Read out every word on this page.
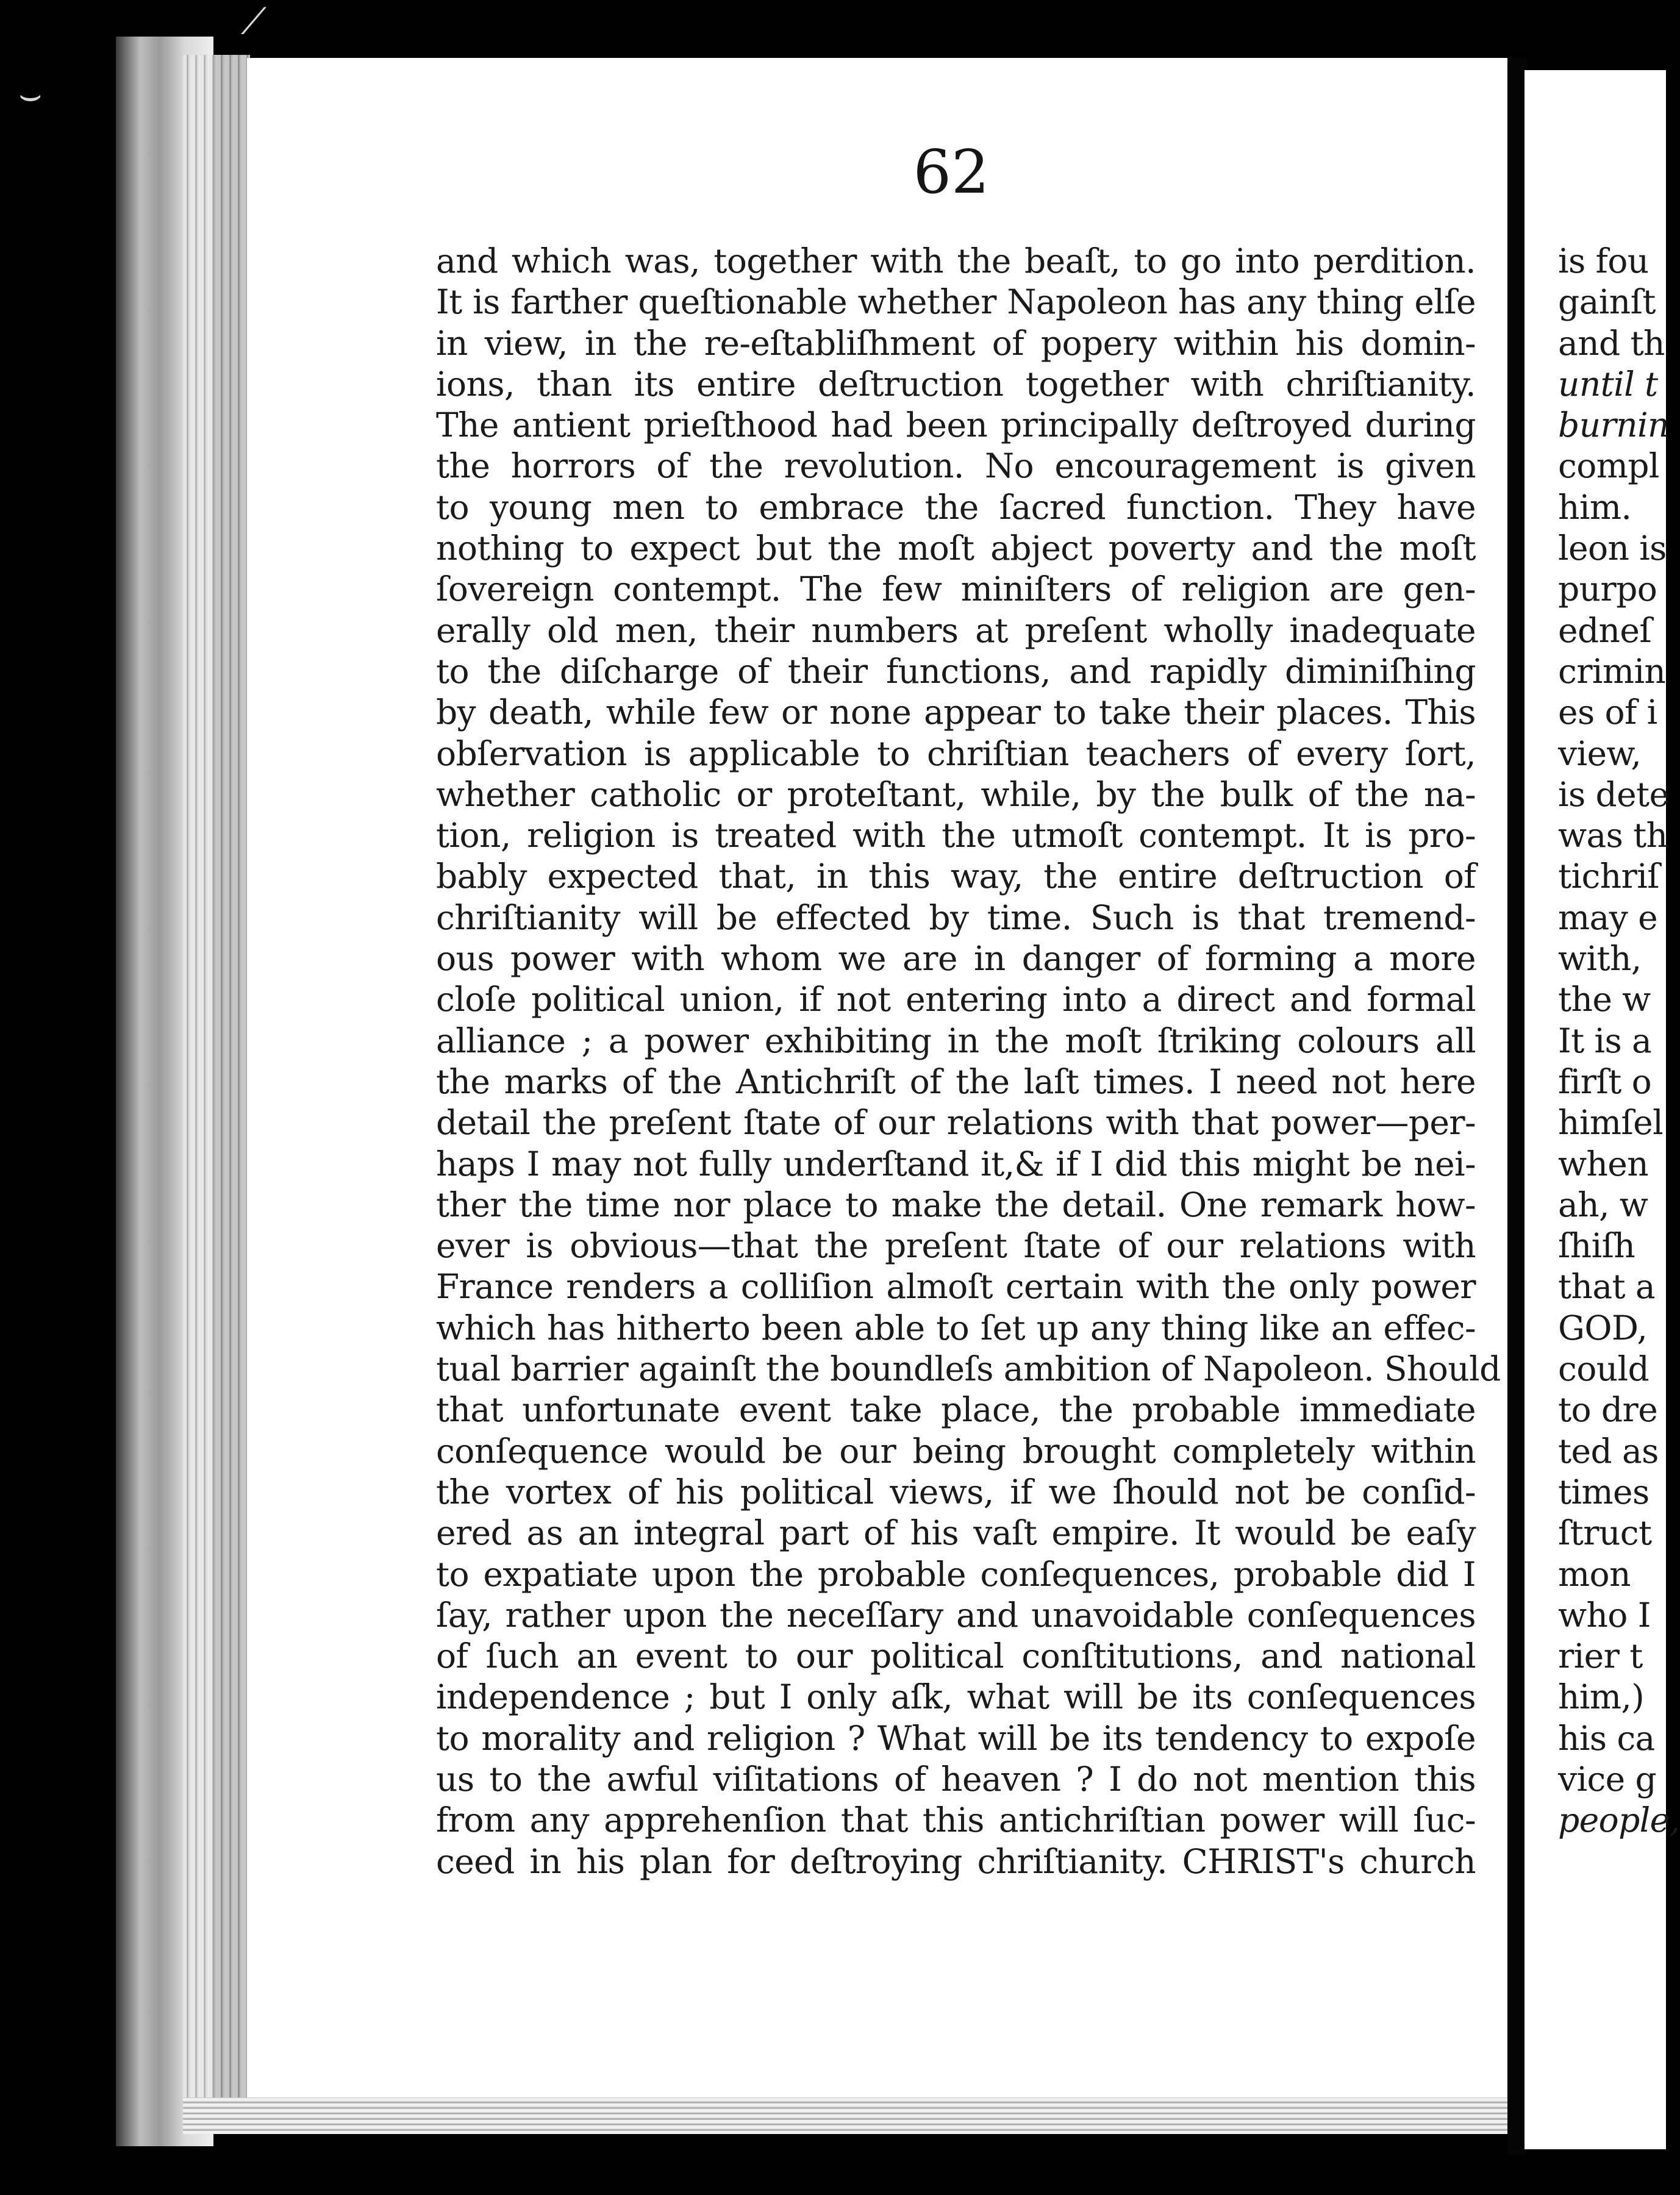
⟋
⌣
62
and which was, together with the beaſt, to go into perdition.
It is farther queſtionable whether Napoleon has any thing elſe
in view, in the re-eſtabliſhment of popery within his domin-
ions, than its entire deſtruction together with chriſtianity.
The antient prieſthood had been principally deſtroyed during
the horrors of the revolution. No encouragement is given
to young men to embrace the ſacred function. They have
nothing to expect but the moſt abject poverty and the moſt
ſovereign contempt. The few miniſters of religion are gen-
erally old men, their numbers at preſent wholly inadequate
to the diſcharge of their functions, and rapidly diminiſhing
by death, while few or none appear to take their places. This
obſervation is applicable to chriſtian teachers of every ſort,
whether catholic or proteſtant, while, by the bulk of the na-
tion, religion is treated with the utmoſt contempt. It is pro-
bably expected that, in this way, the entire deſtruction of
chriſtianity will be effected by time. Such is that tremend-
ous power with whom we are in danger of forming a more
cloſe political union, if not entering into a direct and formal
alliance ; a power exhibiting in the moſt ſtriking colours all
the marks of the Antichriſt of the laſt times. I need not here
detail the preſent ſtate of our relations with that power—per-
haps I may not fully underſtand it,& if I did this might be nei-
ther the time nor place to make the detail. One remark how-
ever is obvious—that the preſent ſtate of our relations with
France renders a colliſion almoſt certain with the only power
which has hitherto been able to ſet up any thing like an effec-
tual barrier againſt the boundleſs ambition of Napoleon. Should
that unfortunate event take place, the probable immediate
conſequence would be our being brought completely within
the vortex of his political views, if we ſhould not be conſid-
ered as an integral part of his vaſt empire. It would be eaſy
to expatiate upon the probable conſequences, probable did I
ſay, rather upon the neceſſary and unavoidable conſequences
of ſuch an event to our political conſtitutions, and national
independence ; but I only aſk, what will be its conſequences
to morality and religion ? What will be its tendency to expoſe
us to the awful viſitations of heaven ? I do not mention this
from any apprehenſion that this antichriſtian power will ſuc-
ceed in his plan for deſtroying chriſtianity. CHRIST's church
is fou
gainſt
and th
until t
burnin
compl
him.
leon is
purpo
edneſ
crimin
es of i
view,
is dete
was th
tichriſ
may e
with,
the w
It is a
firſt o
himſel
when
ah, w
ſhiſh
that a
GOD,
could
to dre
ted as
times
ſtruct
mon
who I
rier t
him,)
his ca
vice g
people,
